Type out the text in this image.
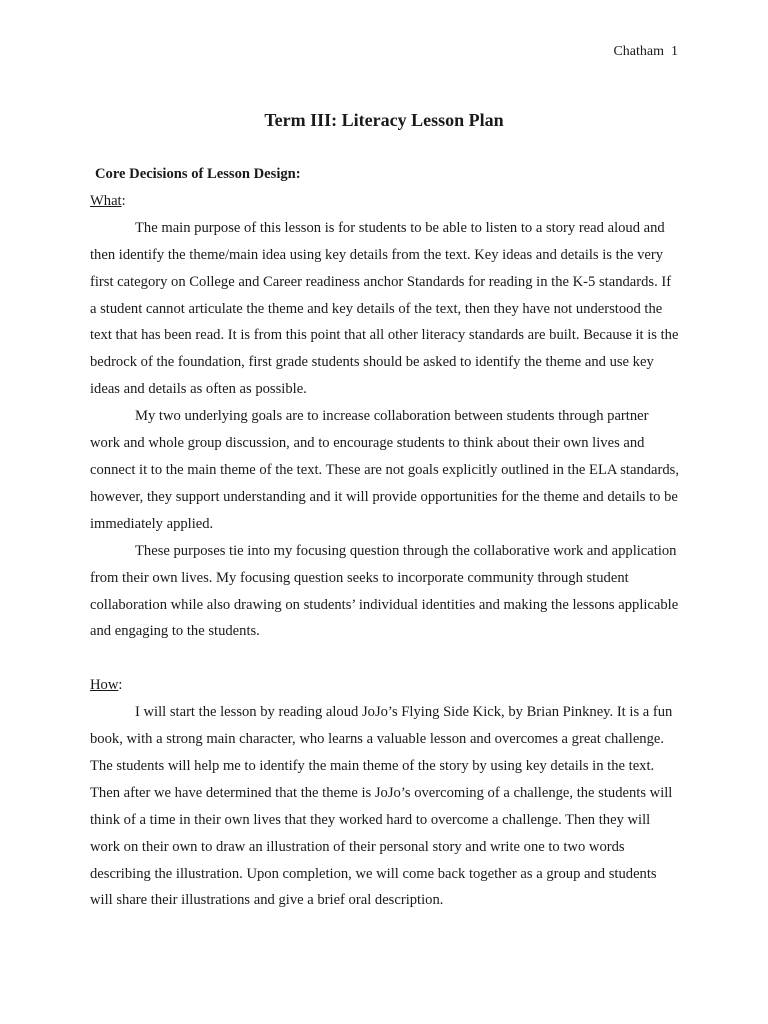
Chatham 1
Term III: Literacy Lesson Plan
Core Decisions of Lesson Design:
What:

The main purpose of this lesson is for students to be able to listen to a story read aloud and then identify the theme/main idea using key details from the text. Key ideas and details is the very first category on College and Career readiness anchor Standards for reading in the K-5 standards. If a student cannot articulate the theme and key details of the text, then they have not understood the text that has been read. It is from this point that all other literacy standards are built. Because it is the bedrock of the foundation, first grade students should be asked to identify the theme and use key ideas and details as often as possible.

My two underlying goals are to increase collaboration between students through partner work and whole group discussion, and to encourage students to think about their own lives and connect it to the main theme of the text. These are not goals explicitly outlined in the ELA standards, however, they support understanding and it will provide opportunities for the theme and details to be immediately applied.

These purposes tie into my focusing question through the collaborative work and application from their own lives. My focusing question seeks to incorporate community through student collaboration while also drawing on students’ individual identities and making the lessons applicable and engaging to the students.

How:

I will start the lesson by reading aloud JoJo’s Flying Side Kick, by Brian Pinkney. It is a fun book, with a strong main character, who learns a valuable lesson and overcomes a great challenge. The students will help me to identify the main theme of the story by using key details in the text. Then after we have determined that the theme is JoJo’s overcoming of a challenge, the students will think of a time in their own lives that they worked hard to overcome a challenge. Then they will work on their own to draw an illustration of their personal story and write one to two words describing the illustration. Upon completion, we will come back together as a group and students will share their illustrations and give a brief oral description.
